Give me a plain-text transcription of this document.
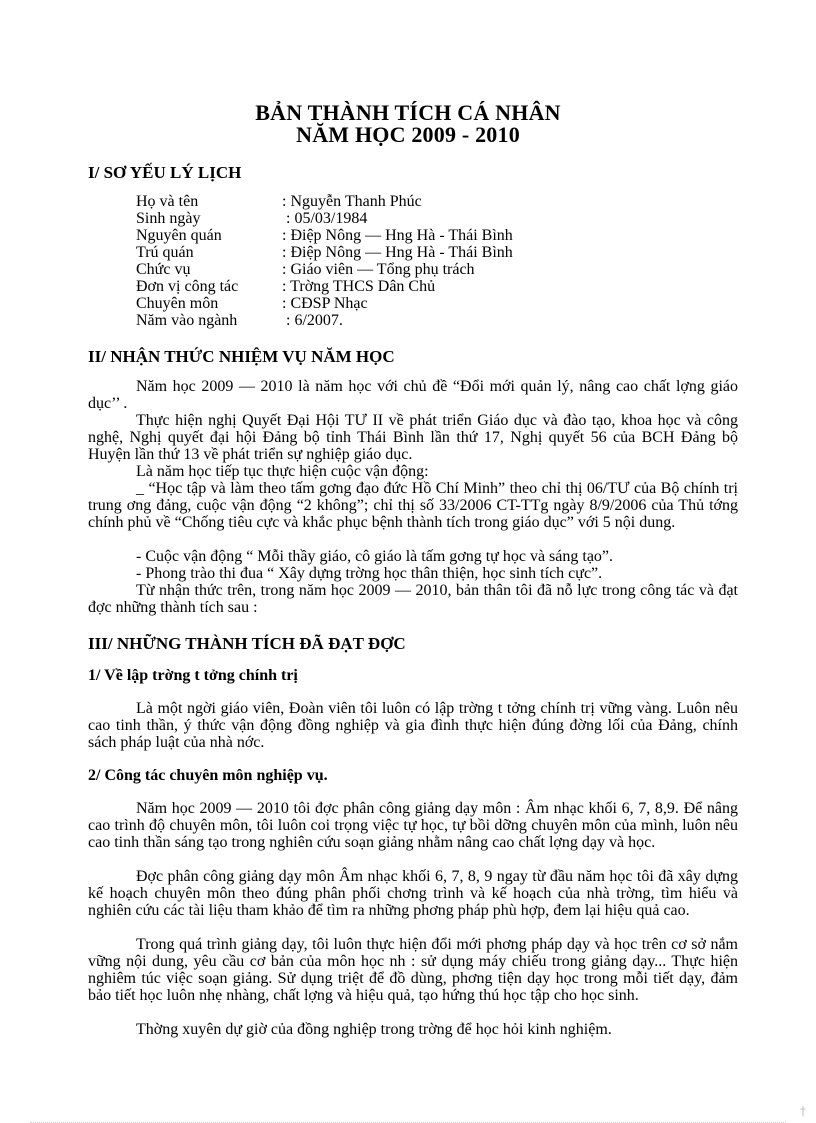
BẢN THÀNH TÍCH CÁ NHÂN
NĂM HỌC 2009 - 2010
I/ SƠ YẾU LÝ LỊCH
Họ và tên	: Nguyễn Thanh Phúc
Sinh ngày	: 05/03/1984
Nguyên quán	: Điệp Nông — Hng Hà - Thái Bình
Trú quán	: Điệp Nông — Hng Hà - Thái Bình
Chức vụ	: Giáo viên — Tổng phụ trách
Đơn vị công tác	: Trờng THCS Dân Chủ
Chuyên môn	: CĐSP Nhạc
Năm vào ngành	: 6/2007.
II/ NHẬN THỨC NHIỆM VỤ NĂM HỌC
Năm học 2009 — 2010 là năm học với chủ đề “Đổi mới quản lý, nâng cao chất lợng giáo dục’’ .
Thực hiện nghị Quyết Đại Hội TƯ II về phát triển Giáo dục và đào tạo, khoa học và công nghệ, Nghị quyết đại hội Đảng bộ tỉnh Thái Bình lần thứ 17, Nghị quyết 56 của BCH Đảng bộ Huyện lần thứ 13 về phát triển sự nghiệp giáo dục.
Là năm học tiếp tục thực hiện cuộc vận động:
_ “Học tập và làm theo tấm gơng đạo đức Hồ Chí Minh” theo chỉ thị 06/TƯ của Bộ chính trị trung ơng đảng, cuộc vận động “2 không”; chỉ thị số 33/2006 CT-TTg ngày 8/9/2006 của Thủ tớng chính phủ về “Chống tiêu cực và khắc phục bệnh thành tích trong giáo dục” với 5 nội dung.
- Cuộc vận động “ Mỗi thầy giáo, cô giáo là tấm gơng tự học và sáng tạo”.
- Phong trào thi đua “ Xây dựng trờng học thân thiện, học sinh tích cực”.
Từ nhận thức trên, trong năm học 2009 — 2010, bản thân tôi đã nỗ lực trong công tác và đạt đợc những thành tích sau :
III/ NHỮNG THÀNH TÍCH ĐÃ ĐẠT ĐỢC
1/ Về lập trờng t tởng chính trị
Là một ngời giáo viên, Đoàn viên tôi luôn có lập trờng t tởng chính trị vững vàng. Luôn nêu cao tinh thần, ý thức vận động đồng nghiệp và gia đình thực hiện đúng đờng lối của Đảng, chính sách pháp luật của nhà nớc.
2/ Công tác chuyên môn nghiệp vụ.
Năm học 2009 — 2010 tôi đợc phân công giảng dạy môn : Âm nhạc khối 6, 7, 8,9. Để nâng cao trình độ chuyên môn, tôi luôn coi trọng việc tự học, tự bồi dỡng chuyên môn của mình, luôn nêu cao tinh thần sáng tạo trong nghiên cứu soạn giảng nhằm nâng cao chất lợng dạy và học.
Đợc phân công giảng dạy môn Âm nhạc khối 6, 7, 8, 9 ngay từ đầu năm học tôi đã xây dựng kế hoạch chuyên môn theo đúng phân phối chơng trình và kế hoạch của nhà trờng, tìm hiểu và nghiên cứu các tài liệu tham khảo để tìm ra những phơng pháp phù hợp, đem lại hiệu quả cao.
Trong quá trình giảng dạy, tôi luôn thực hiện đổi mới phơng pháp dạy và học trên cơ sở nắm vững nội dung, yêu cầu cơ bản của môn học nh : sử dụng máy chiếu trong giảng dạy... Thực hiện nghiêm túc việc soạn giảng. Sử dụng triệt để đồ dùng, phơng tiện dạy học trong mỗi tiết dạy, đảm bảo tiết học luôn nhẹ nhàng, chất lợng và hiệu quả, tạo hứng thú học tập cho học sinh.
Thờng xuyên dự giờ của đồng nghiệp trong trờng để học hỏi kinh nghiệm.
†
